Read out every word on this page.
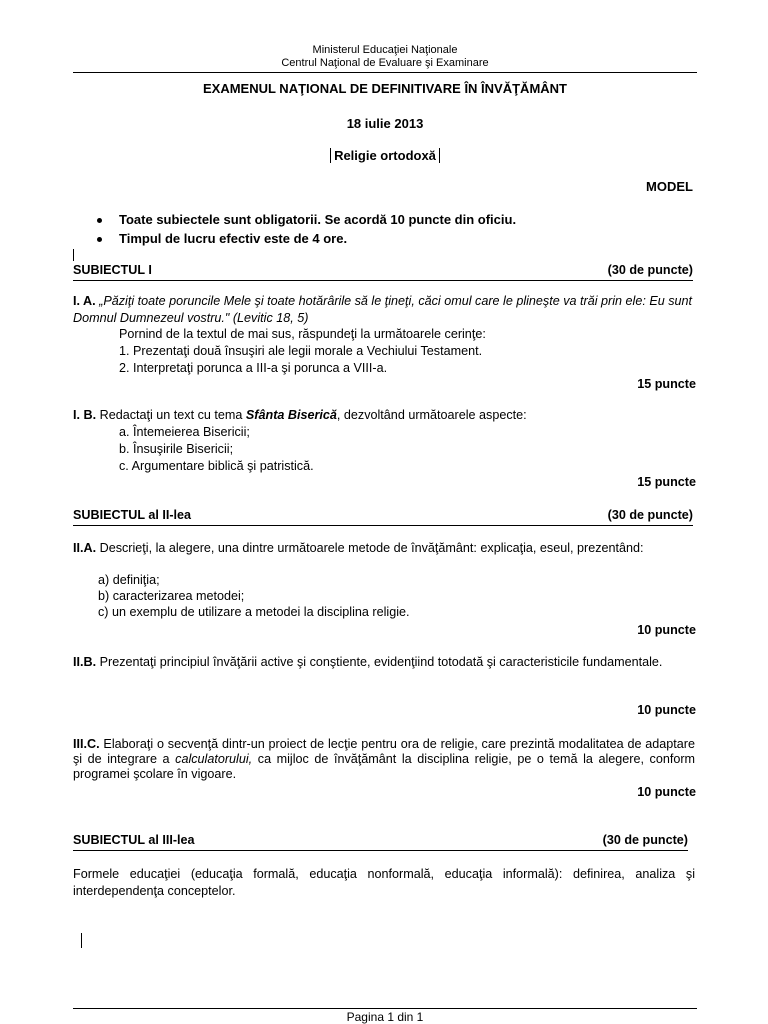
Ministerul Educaţiei Naţionale
Centrul Naţional de Evaluare şi Examinare
EXAMENUL NAŢIONAL DE DEFINITIVARE ÎN ÎNVĂŢĂMÂNT
18 iulie 2013
Religie ortodoxă
MODEL
Toate subiectele sunt obligatorii. Se acordă 10 puncte din oficiu.
Timpul de lucru efectiv este de 4 ore.
SUBIECTUL I	(30 de puncte)
I. A. „Păziţi toate poruncile Mele şi toate hotărârile să le ţineţi, căci omul care le plineşte va trăi prin ele: Eu sunt Domnul Dumnezeul vostru." (Levitic 18, 5)
Pornind de la textul de mai sus, răspundeţi la următoarele cerinţe:
1. Prezentaţi două însuşiri ale legii morale a Vechiului Testament.
2. Interpretaţi porunca a III-a şi porunca a VIII-a.
15 puncte
I. B. Redactaţi un text cu tema Sfânta Biserică, dezvoltând următoarele aspecte:
a. Întemeierea Bisericii;
b. Însuşirile Bisericii;
c. Argumentare biblică şi patristică.
15 puncte
SUBIECTUL al II-lea	(30 de puncte)
II.A. Descrieţi, la alegere, una dintre următoarele metode de învăţământ: explicaţia, eseul, prezentând:
a) definiţia;
b) caracterizarea metodei;
c) un exemplu de utilizare a metodei la disciplina religie.
10 puncte
II.B. Prezentaţi principiul învăţării active şi conştiente, evidenţiind totodată şi caracteristicile fundamentale.
10 puncte
III.C. Elaboraţi o secvenţă dintr-un proiect de lecţie pentru ora de religie, care prezintă modalitatea de adaptare şi de integrare a calculatorului, ca mijloc de învăţământ la disciplina religie, pe o temă la alegere, conform programei şcolare în vigoare.
10 puncte
SUBIECTUL al III-lea	(30 de puncte)
Formele educaţiei (educaţia formală, educaţia nonformală, educaţia informală): definirea, analiza şi interdependenţa conceptelor.
Pagina 1 din 1
